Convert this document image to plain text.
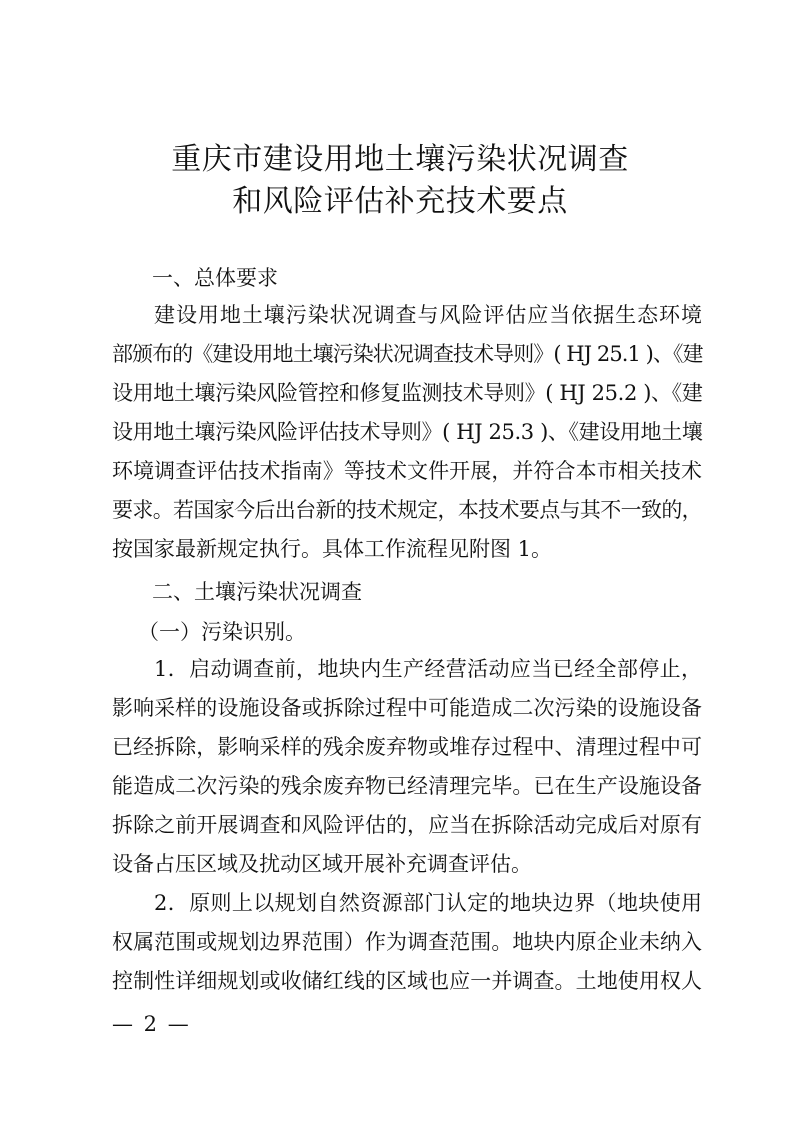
重庆市建设用地土壤污染状况调查
和风险评估补充技术要点
一、总体要求
建设用地土壤污染状况调查与风险评估应当依据生态环境
部颁布的《建设用地土壤污染状况调查技术导则》( HJ 25.1 )、《建
设用地土壤污染风险管控和修复监测技术导则》( HJ 25.2 )、《建
设用地土壤污染风险评估技术导则》( HJ 25.3 )、《建设用地土壤
环境调查评估技术指南》等技术文件开展，并符合本市相关技术
要求。若国家今后出台新的技术规定，本技术要点与其不一致的，
按国家最新规定执行。具体工作流程见附图 1。
二、土壤污染状况调查
（一）污染识别。
1．启动调查前，地块内生产经营活动应当已经全部停止，
影响采样的设施设备或拆除过程中可能造成二次污染的设施设备
已经拆除，影响采样的残余废弃物或堆存过程中、清理过程中可
能造成二次污染的残余废弃物已经清理完毕。已在生产设施设备
拆除之前开展调查和风险评估的，应当在拆除活动完成后对原有
设备占压区域及扰动区域开展补充调查评估。
2．原则上以规划自然资源部门认定的地块边界（地块使用
权属范围或规划边界范围）作为调查范围。地块内原企业未纳入
控制性详细规划或收储红线的区域也应一并调查。土地使用权人
— 2 —
